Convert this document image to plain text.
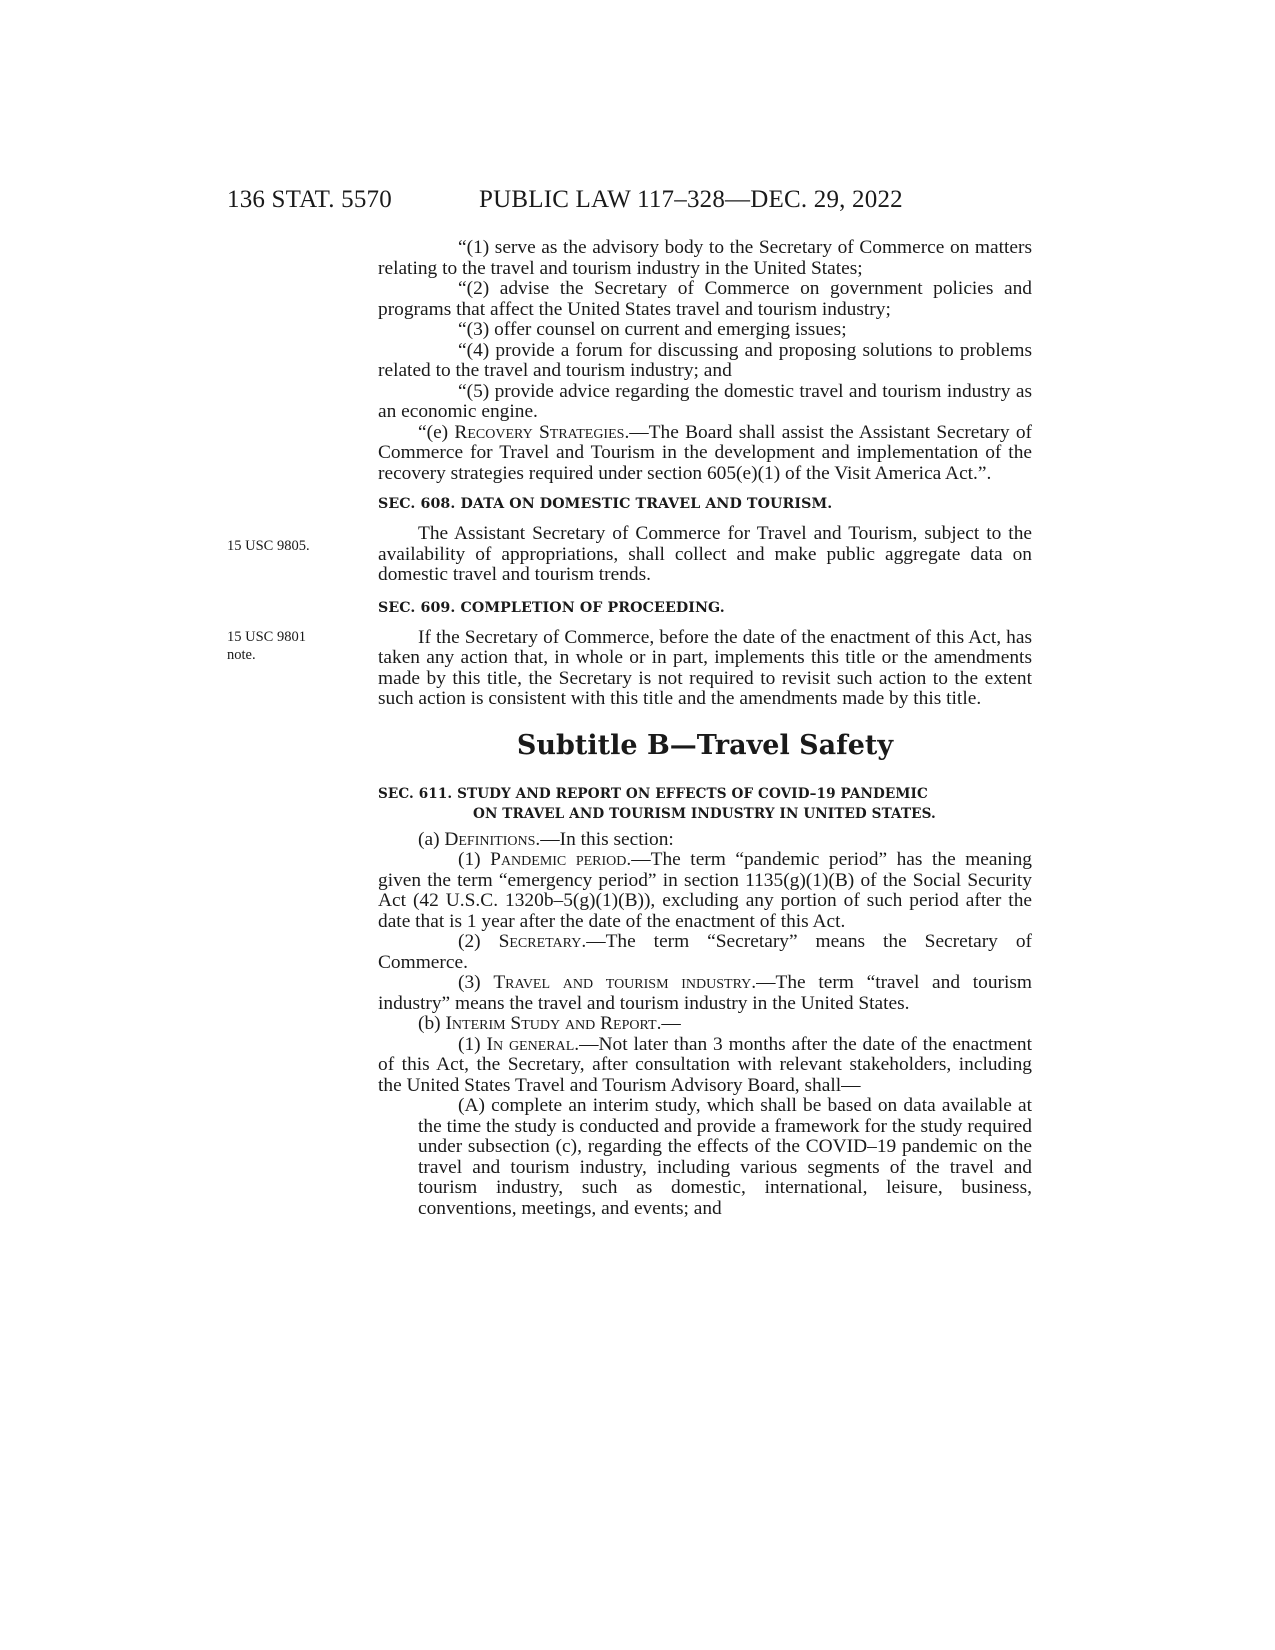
136 STAT. 5570	PUBLIC LAW 117–328—DEC. 29, 2022
15 USC 9805.
15 USC 9801
note.

“(1) serve as the advisory body to the Secretary of Commerce on matters relating to the travel and tourism industry in the United States;

“(2) advise the Secretary of Commerce on government policies and programs that affect the United States travel and tourism industry;

“(3) offer counsel on current and emerging issues;

“(4) provide a forum for discussing and proposing solutions to problems related to the travel and tourism industry; and

“(5) provide advice regarding the domestic travel and tourism industry as an economic engine.

“(e) Recovery Strategies.—The Board shall assist the Assistant Secretary of Commerce for Travel and Tourism in the development and implementation of the recovery strategies required under section 605(e)(1) of the Visit America Act.”.

SEC. 608. DATA ON DOMESTIC TRAVEL AND TOURISM.

The Assistant Secretary of Commerce for Travel and Tourism, subject to the availability of appropriations, shall collect and make public aggregate data on domestic travel and tourism trends.

SEC. 609. COMPLETION OF PROCEEDING.

If the Secretary of Commerce, before the date of the enactment of this Act, has taken any action that, in whole or in part, implements this title or the amendments made by this title, the Secretary is not required to revisit such action to the extent such action is consistent with this title and the amendments made by this title.

Subtitle B—Travel Safety
SEC. 611. STUDY AND REPORT ON EFFECTS OF COVID–19 PANDEMIC
ON TRAVEL AND TOURISM INDUSTRY IN UNITED STATES.

(a) Definitions.—In this section:

(1) Pandemic period.—The term “pandemic period” has the meaning given the term “emergency period” in section 1135(g)(1)(B) of the Social Security Act (42 U.S.C. 1320b–5(g)(1)(B)), excluding any portion of such period after the date that is 1 year after the date of the enactment of this Act.

(2) Secretary.—The term “Secretary” means the Secretary of Commerce.

(3) Travel and tourism industry.—The term “travel and tourism industry” means the travel and tourism industry in the United States.

(b) Interim Study and Report.—

(1) In general.—Not later than 3 months after the date of the enactment of this Act, the Secretary, after consultation with relevant stakeholders, including the United States Travel and Tourism Advisory Board, shall—

(A) complete an interim study, which shall be based on data available at the time the study is conducted and provide a framework for the study required under subsection (c), regarding the effects of the COVID–19 pandemic on the travel and tourism industry, including various segments of the travel and tourism industry, such as domestic, international, leisure, business, conventions, meetings, and events; and
